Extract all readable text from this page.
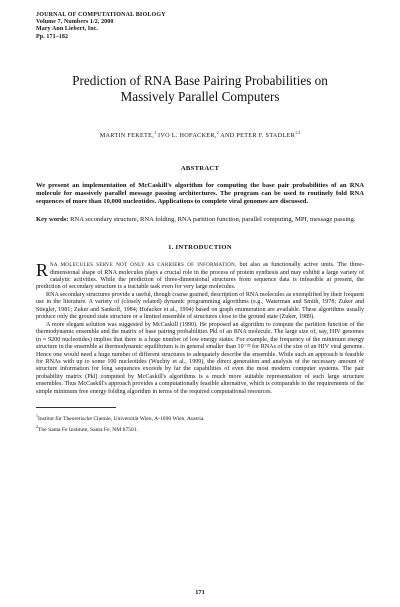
JOURNAL OF COMPUTATIONAL BIOLOGY
Volume 7, Numbers 1/2, 2000
Mary Ann Liebert, Inc.
Pp. 171–182
Prediction of RNA Base Pairing Probabilities on
Massively Parallel Computers
MARTIN FEKETE,$^1$ IVO L. HOFACKER,$^2$ AND PETER F. STADLER$^{1,2}$
ABSTRACT
We present an implementation of McCaskill's algorithm for computing the base pair probabilities of an RNA molecule for massively parallel message passing architectures. The program can be used to routinely fold RNA sequences of more than 10,000 nucleotides. Applications to complete viral genomes are discussed.
Key words: RNA secondary structure, RNA folding, RNA partition function, parallel computing, MPI, message passing.
1. INTRODUCTION

RNA MOLECULES SERVE NOT ONLY AS CARRIERS OF INFORMATION, but also as functionally active units. The three-dimensional shape of RNA molecules plays a crucial role in the process of protein synthesis and may exhibit a large variety of catalytic activities. While the prediction of three-dimensional structures from sequence data is infeasible at present, the prediction of secondary structure is a tractable task even for very large molecules.

RNA secondary structures provide a useful, though coarse grained, description of RNA molecules as exemplified by their frequent use in the literature. A variety of (closely related) dynamic programming algorithms (e.g., Waterman and Smith, 1978; Zuker and Stiegler, 1981; Zuker and Sankoff, 1984; Hofacker et al., 1994) based on graph enumeration are available. These algorithms usually produce only the ground state structure or a limited ensemble of structures close to the ground state (Zuker, 1989).

A more elegant solution was suggested by McCaskill (1990). He proposed an algorithm to compute the partition function of the thermodynamic ensemble and the matrix of base pairing probabilities Pkl of an RNA molecule. The large size of, say, HIV genomes (n ≈ 9200 nucleotides) implies that there is a huge number of low energy states. For example, the frequency of the minimum energy structure in the ensemble at thermodynamic equilibrium is in general smaller than 10⁻²³ for RNAs of the size of an HIV viral genome. Hence one would need a huge number of different structures to adequately describe the ensemble. While such an approach is feasible for RNAs with up to some 100 nucleotides (Wuchty et al., 1999), the direct generation and analysis of the necessary amount of structure information for long sequences exceeds by far the capabilities of even the most modern computer systems. The pair probability matrix (Pkl) computed by McCaskill's algorithms is a much more suitable representation of such large structure ensembles. Thus McCaskill's approach provides a computationally feasible alternative, which is comparable to the requirements of the simple minimum free energy folding algorithm in terms of the required computational resources.

$^1$Institut für Theoretische Chemie, Universität Wien, A-1090 Wien, Austria.
$^2$The Santa Fe Institute, Santa Fe, NM 87501.
171
